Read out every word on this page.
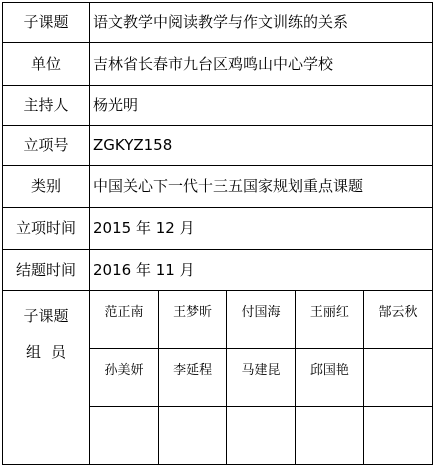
子课题	语文教学中阅读教学与作文训练的关系
单位	吉林省长春市九台区鸡鸣山中心学校
主持人	杨光明
立项号	ZGKYZ158
类别	中国关心下一代十三五国家规划重点课题
立项时间	2015 年 12 月
结题时间	2016 年 11 月

子课题
组员

范正南	王梦昕	付国海	王丽红	郜云秋
孙美妍	李延程	马建昆	邱国艳	
